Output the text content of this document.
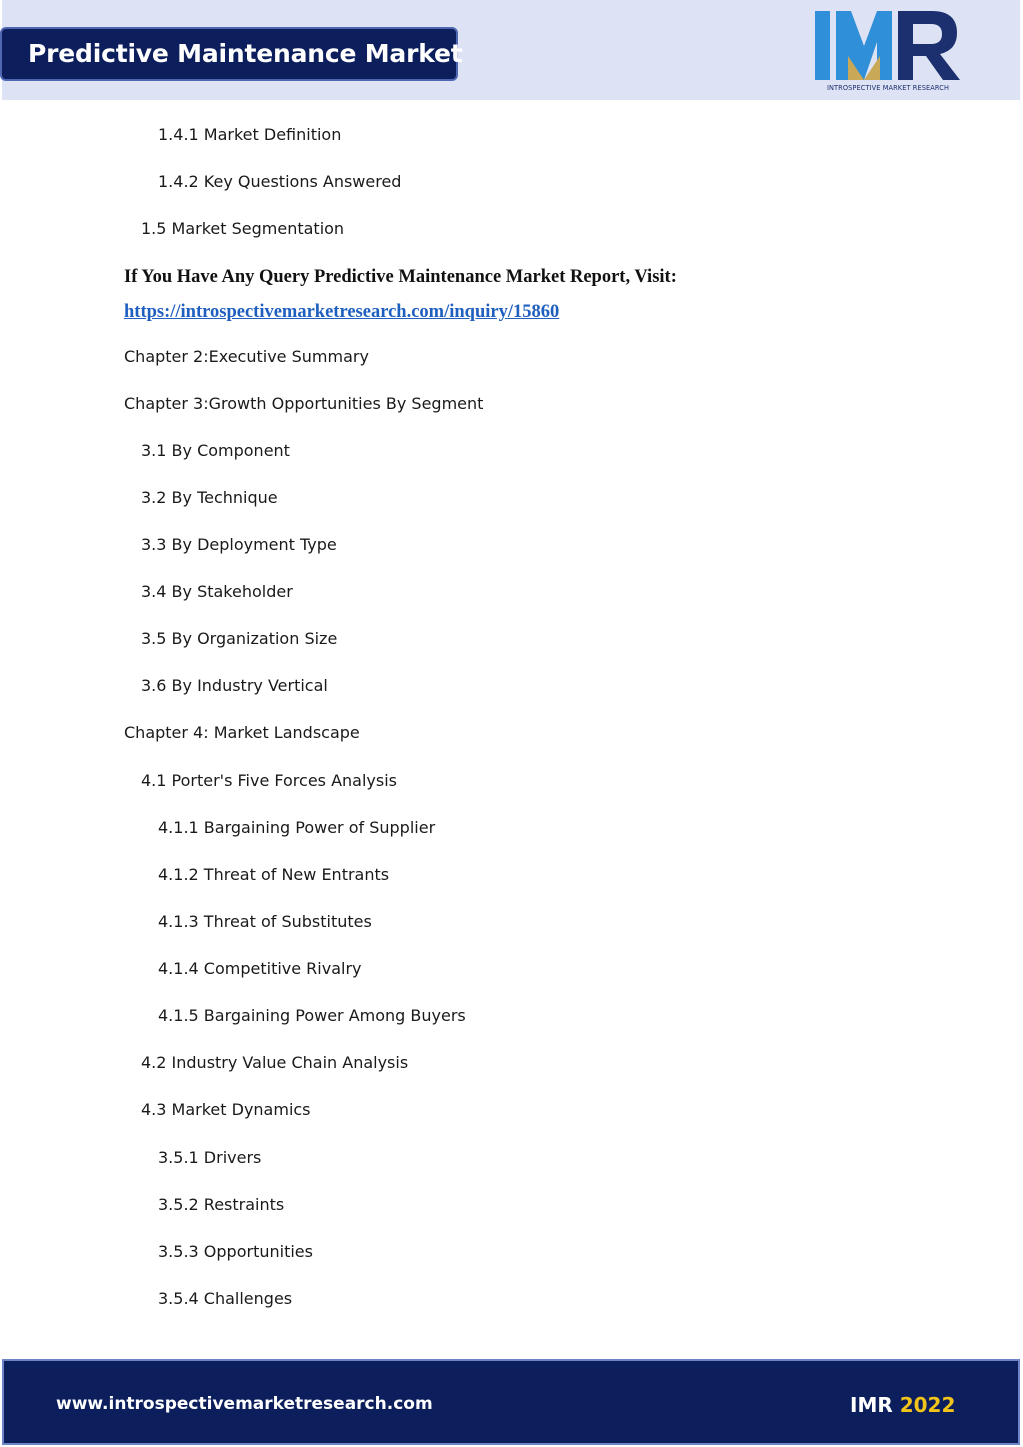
Predictive Maintenance Market
INTROSPECTIVE MARKET RESEARCH
1.4.1 Market Definition
1.4.2 Key Questions Answered
1.5 Market Segmentation
If You Have Any Query Predictive Maintenance Market Report, Visit:
https://introspectivemarketresearch.com/inquiry/15860
Chapter 2:Executive Summary
Chapter 3:Growth Opportunities By Segment
3.1 By Component
3.2 By Technique
3.3 By Deployment Type
3.4 By Stakeholder
3.5 By Organization Size
3.6 By Industry Vertical
Chapter 4: Market Landscape
4.1 Porter's Five Forces Analysis
4.1.1 Bargaining Power of Supplier
4.1.2 Threat of New Entrants
4.1.3 Threat of Substitutes
4.1.4 Competitive Rivalry
4.1.5 Bargaining Power Among Buyers
4.2 Industry Value Chain Analysis
4.3 Market Dynamics
3.5.1 Drivers
3.5.2 Restraints
3.5.3 Opportunities
3.5.4 Challenges
www.introspectivemarketresearch.com	IMR 2022
